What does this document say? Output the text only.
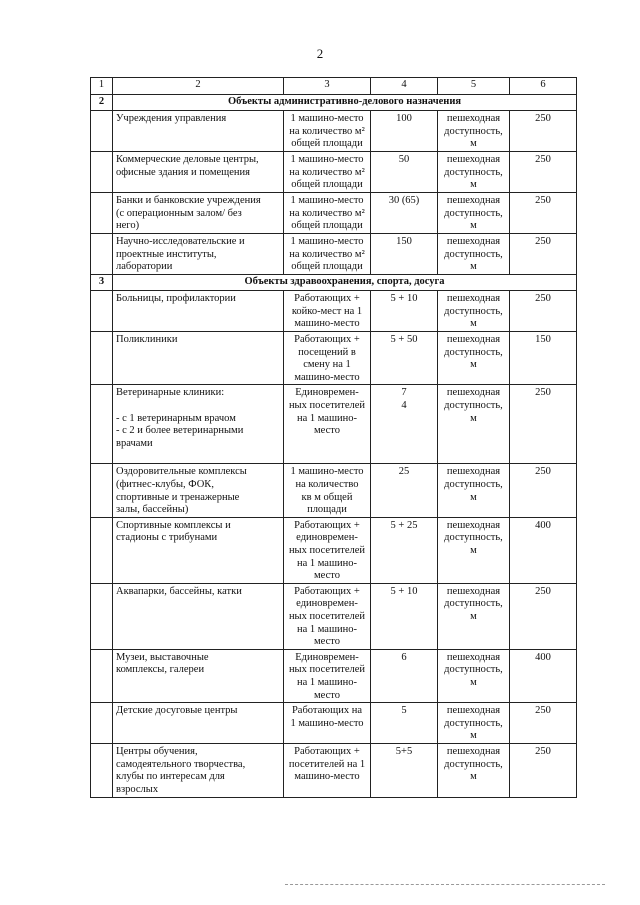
2
1	2	3	4	5	6
2	Объекты административно-делового назначения				
	Учреждения управления	1 машино-место
на количество м²
общей площади	100	пешеходная
доступность,
м	250
	Коммерческие деловые центры,
офисные здания и помещения	1 машино-место
на количество м²
общей площади	50	пешеходная
доступность,
м	250
	Банки и банковские учреждения
(с операционным залом/ без
него)	1 машино-место
на количество м²
общей площади	30 (65)	пешеходная
доступность,
м	250
	Научно-исследовательские и
проектные институты,
лаборатории	1 машино-место
на количество м²
общей площади	150	пешеходная
доступность,
м	250
3	Объекты здравоохранения, спорта, досуга				
	Больницы, профилактории	Работающих +
койко-мест на 1
машино-место	5 + 10	пешеходная
доступность,
м	250
	Поликлиники	Работающих +
посещений в
смену на 1
машино-место	5 + 50	пешеходная
доступность,
м	150
	Ветеринарные клиники:

- с 1 ветеринарным врачом
- с 2 и более ветеринарными
врачами	Единовремен-
ных посетителей
на 1 машино-
место	7
4	пешеходная
доступность,
м	250
	Оздоровительные комплексы
(фитнес-клубы, ФОК,
спортивные и тренажерные
залы, бассейны)	1 машино-место
на количество
кв м общей
площади	25	пешеходная
доступность,
м	250
	Спортивные комплексы и
стадионы с трибунами	Работающих +
единовремен-
ных посетителей
на 1 машино-
место	5 + 25	пешеходная
доступность,
м	400
	Аквапарки, бассейны, катки	Работающих +
единовремен-
ных посетителей
на 1 машино-
место	5 + 10	пешеходная
доступность,
м	250
	Музеи, выставочные
комплексы, галереи	Единовремен-
ных посетителей
на 1 машино-
место	6	пешеходная
доступность,
м	400
	Детские досуговые центры	Работающих на
1 машино-место	5	пешеходная
доступность,
м	250
	Центры обучения,
самодеятельного творчества,
клубы по интересам для
взрослых	Работающих +
посетителей на 1
машино-место	5+5	пешеходная
доступность,
м	250
